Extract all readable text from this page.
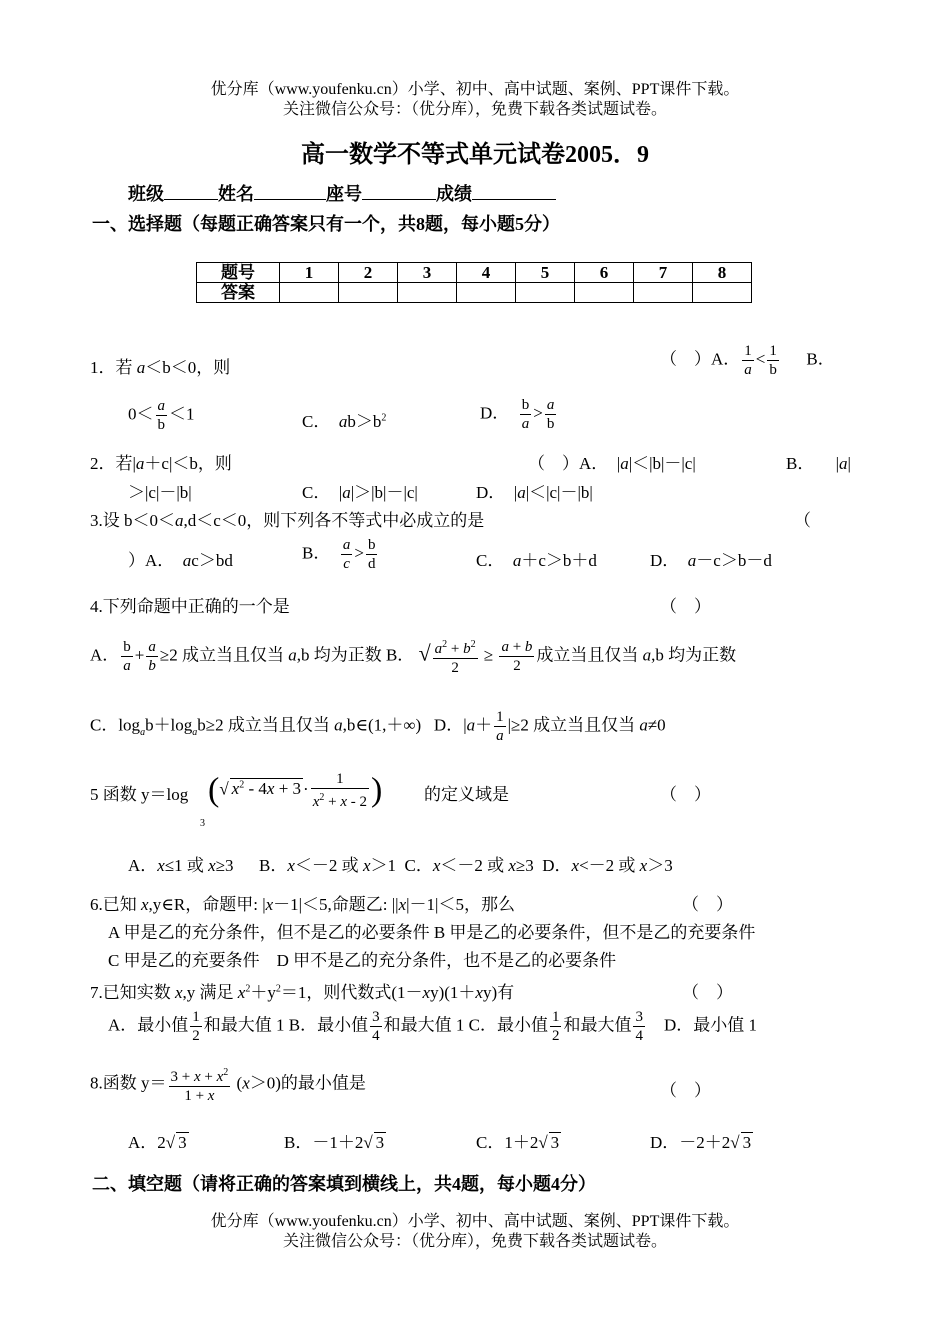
优分库（www.youfenku.cn）小学、初中、高中试题、案例、PPT课件下载。
关注微信公众号：（优分库），免费下载各类试题试卷。
高一数学不等式单元试卷2005．9
班级	姓名	座号	成绩
一、选择题（每题正确答案只有一个，共8题，每小题5分）
题号	1	2	3	4	5	6	7	8
答案								
1．若 a＜b＜0，则	（　）A． $\frac{1}{a} < \frac{1}{b}$ 　  B．
$0< \frac{a}{b} <1$	C．  $ab>b^2$	D． $\frac{b}{a} > \frac{a}{b}$
2．若|a＋c|＜b，则	（　）A．  |a|＜|b|－|c|	B．     |a|
＞|c|－|b|	C．  |a|＞|b|－|c|	D．  |a|＜|c|－|b|
3.设 b＜0＜a,d＜c＜0，则下列各不等式中必成立的是	（
）A．  ac＞bd	B． $\frac{a}{c} > \frac{b}{d}$	C．  a＋c＞b＋d	D．  a－c＞b－d
4.下列命题中正确的一个是	（　）
A． $\frac{b}{a} + \frac{a}{b} \ge 2$ 成立当且仅当 a,b 均为正数 B． √ $\frac{a^2 + b^2}{2} \ge \frac{a + b}{2}$ 成立当且仅当 a,b 均为正数
C．$\log_ab+\log_ab\ge 2$ 成立当且仅当 a,b∈(1,＋∞)   D．$|a+ \frac{1}{a} |\ge 2$ 成立当且仅当 a≠0
5 函数 y＝log
3
(√ $x^2 - 4x + 3 \cdot \frac{1}{x^2 + x - 2}$ ) 的定义域是	（　）
A．x≤1 或 x≥3      B．x＜－2 或 x＞1  C．x＜－2 或 x≥3  D．x<－2 或 x＞3
6.已知 x,y∈R，命题甲: |x－1|＜5,命题乙: ||x|－1|＜5，那么	（　）
A 甲是乙的充分条件，但不是乙的必要条件 B 甲是乙的必要条件，但不是乙的充要条件
C 甲是乙的充要条件    D 甲不是乙的充分条件，也不是乙的必要条件
7.已知实数 x,y 满足 $x^2+y^2=1$，则代数式(1－xy)(1＋xy)有	（　）
A．最小值 $\frac{1}{2}$ 和最大值 1 B．最小值 $\frac{3}{4}$ 和最大值 1 C．最小值 $\frac{1}{2}$ 和最大值 $\frac{3}{4}$ D．最小值 1
8.函数 $y= \frac{3 + x + x^2}{1 + x} (x>0)$的最小值是	（　）
A．2√ 3	B．－1＋2√ 3	C．1＋2√ 3	D．－2＋2√ 3
二、填空题（请将正确的答案填到横线上，共4题，每小题4分）
优分库（www.youfenku.cn）小学、初中、高中试题、案例、PPT课件下载。
关注微信公众号：（优分库），免费下载各类试题试卷。
